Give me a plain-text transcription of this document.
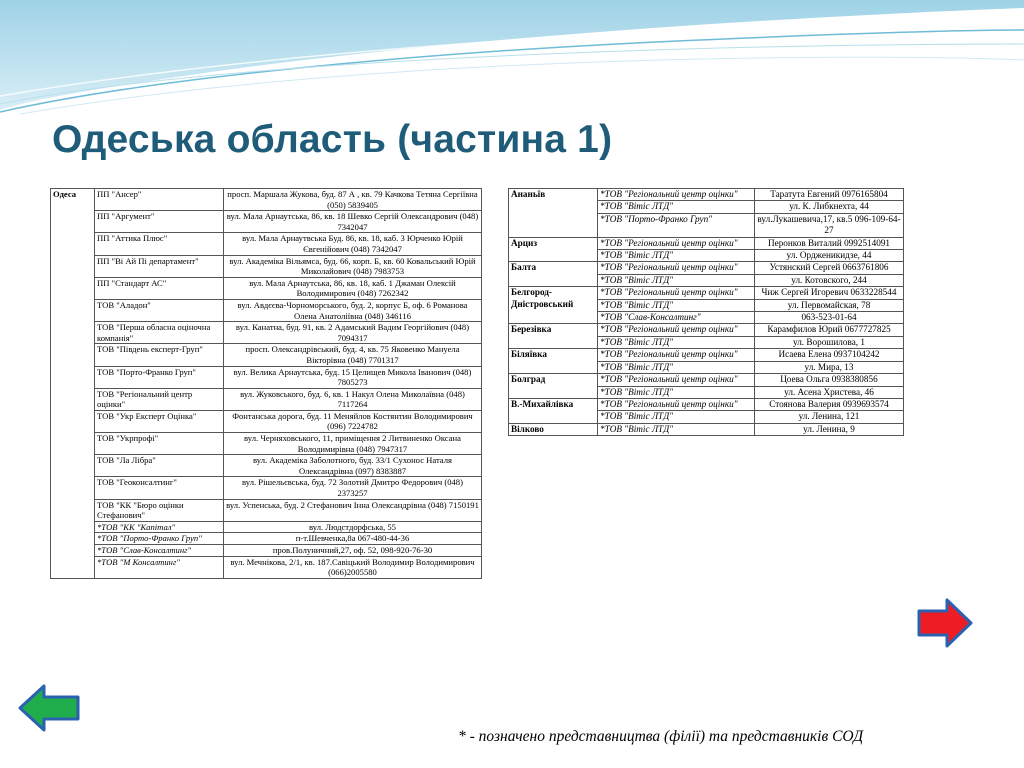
Одеська область (частина 1)
Одеса	ПП "Ансер"	просп. Маршала Жукова, буд. 87 А , кв. 79 Качкова Тетяна Сергіївна (050) 5839405
	ПП "Аргумент"	вул. Мала Арнаутська, 86, кв. 18 Шевко Сергій Олександрович (048) 7342047
	ПП "Аттика Плюс"	вул. Мала Арнаутвська Буд. 86, кв. 18, каб. 3 Юрченко Юрій Євгенійович (048) 7342047
	ПП "Ві Ай Пі департамент"	вул. Академіка Вільямса, буд. 66, корп. Б, кв. 60 Ковальський Юрій Миколайович (048) 7983753
	ПП "Стандарт АС"	вул. Мала Арнаутська, 86, кв. 18, каб. 1 Джаман Олексій Володимирович (048) 7262342
	ТОВ "Аладон"	вул. Авдєєва-Чорноморського, буд. 2, корпус Б, оф. 6 Романова Олена Анатоліївна (048) 346116
	ТОВ "Перша обласна оціночна компанія"	вул. Канатна, буд. 91, кв. 2 Адамський Вадим Георгійович (048) 7094317
	ТОВ "Південь експерт-Груп"	просп. Олександрівський, буд. 4, кв. 75 Яковенко Мануела Вікторівна (048) 7701317
	ТОВ "Порто-Франко Груп"	вул. Велика Арнаутська, буд. 15 Целищев Микола Іванович (048) 7805273
	ТОВ "Регіональний центр оцінки"	вул. Жуковського, буд. 6, кв. 1 Накул Олена Миколаївна (048) 7117264
	ТОВ "Укр Експерт Оцінка"	Фонтанська дорога, буд. 11 Меняйлов Костянтин Володимирович (096) 7224782
	ТОВ "Укрпрофі"	вул. Черняховського, 11, приміщення 2 Литвиненко Оксана Володимирівна (048) 7947317
	ТОВ "Ла Лібра"	вул. Академіка Заболотного, буд. 33/1 Сухонос Наталя Олександрівна (097) 8383887
	ТОВ "Геоконсалтинг"	вул. Рішельєвська, буд. 72 Золотий Дмитро Федорович (048) 2373257
	ТОВ "КК "Бюро оцінки Стефанович"	вул. Успенська, буд. 2 Стефанович Інна Олександрівна (048) 7150191
	*ТОВ "КК "Капітал"	вул. Людстдорфська, 55
	*ТОВ "Порто-Франко Груп"	п-т.Шевченка,8а 067-480-44-36
	*ТОВ "Слав-Консалтинг"	пров.Полуничний,27, оф. 52, 098-920-76-30
	*ТОВ "М Консалтинг"	вул. Мечнікова, 2/1, кв. 187.Савіцький Володимир Володимирович (066)2005580
Ананьїв	*ТОВ "Регіональний центр оцінки"	Таратута Евгений 0976165804
	*ТОВ "Вітіс ЛТД"	ул. К. Либкнехта, 44
	*ТОВ "Порто-Франко Груп"	вул.Лукашевича,17, кв.5 096-109-64-27
Арциз	*ТОВ "Регіональний центр оцінки"	Перонков Виталий 0992514091
	*ТОВ "Вітіс ЛТД"	ул. Ордженикидзе, 44
Балта	*ТОВ "Регіональний центр оцінки"	Устянский Сергей 0663761806
	*ТОВ "Вітіс ЛТД"	ул. Котовского, 244
Белгород-Дністровський	*ТОВ "Регіональний центр оцінки"	Чиж Сергей Игоревич 0633228544
	*ТОВ "Вітіс ЛТД"	ул. Первомайская, 78
	*ТОВ "Слав-Консалтинг"	063-523-01-64
Березівка	*ТОВ "Регіональний центр оцінки"	Карамфилов Юрий 0677727825
	*ТОВ "Вітіс ЛТД"	ул. Ворошилова, 1
Біляївка	*ТОВ "Регіональний центр оцінки"	Исаева Елена 0937104242
	*ТОВ "Вітіс ЛТД"	ул. Мира, 13
Болград	*ТОВ "Регіональний центр оцінки"	Цоева Ольга 0938380856
	*ТОВ "Вітіс ЛТД"	ул. Асена Христева, 46
В.-Михайлівка	*ТОВ "Регіональний центр оцінки"	Стоянова Валерия 0939693574
	*ТОВ "Вітіс ЛТД"	ул. Ленина, 121
Вілково	*ТОВ "Вітіс ЛТД"	ул. Ленина, 9
* - позначено представництва (філії) та представників СОД
